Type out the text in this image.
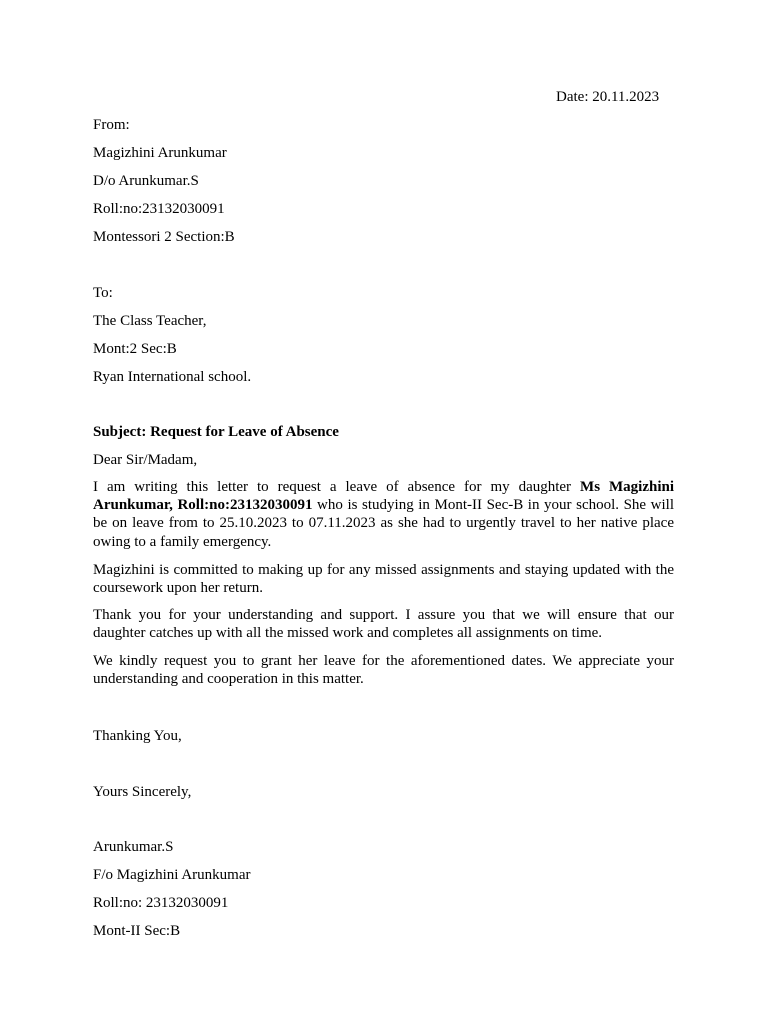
Date: 20.11.2023
From:
Magizhini Arunkumar
D/o Arunkumar.S
Roll:no:23132030091
Montessori 2 Section:B
To:
The Class Teacher,
Mont:2 Sec:B
Ryan International school.
Subject: Request for Leave of Absence
Dear Sir/Madam,

I am writing this letter to request a leave of absence for my daughter Ms Magizhini Arunkumar, Roll:no:23132030091 who is studying in Mont-II Sec-B in your school. She will be on leave from to 25.10.2023 to 07.11.2023 as she had to urgently travel to her native place owing to a family emergency.

Magizhini is committed to making up for any missed assignments and staying updated with the coursework upon her return.

Thank you for your understanding and support. I assure you that we will ensure that our daughter catches up with all the missed work and completes all assignments on time.

We kindly request you to grant her leave for the aforementioned dates. We appreciate your understanding and cooperation in this matter.

Thanking You,
Yours Sincerely,
Arunkumar.S
F/o Magizhini Arunkumar
Roll:no: 23132030091
Mont-II Sec:B
